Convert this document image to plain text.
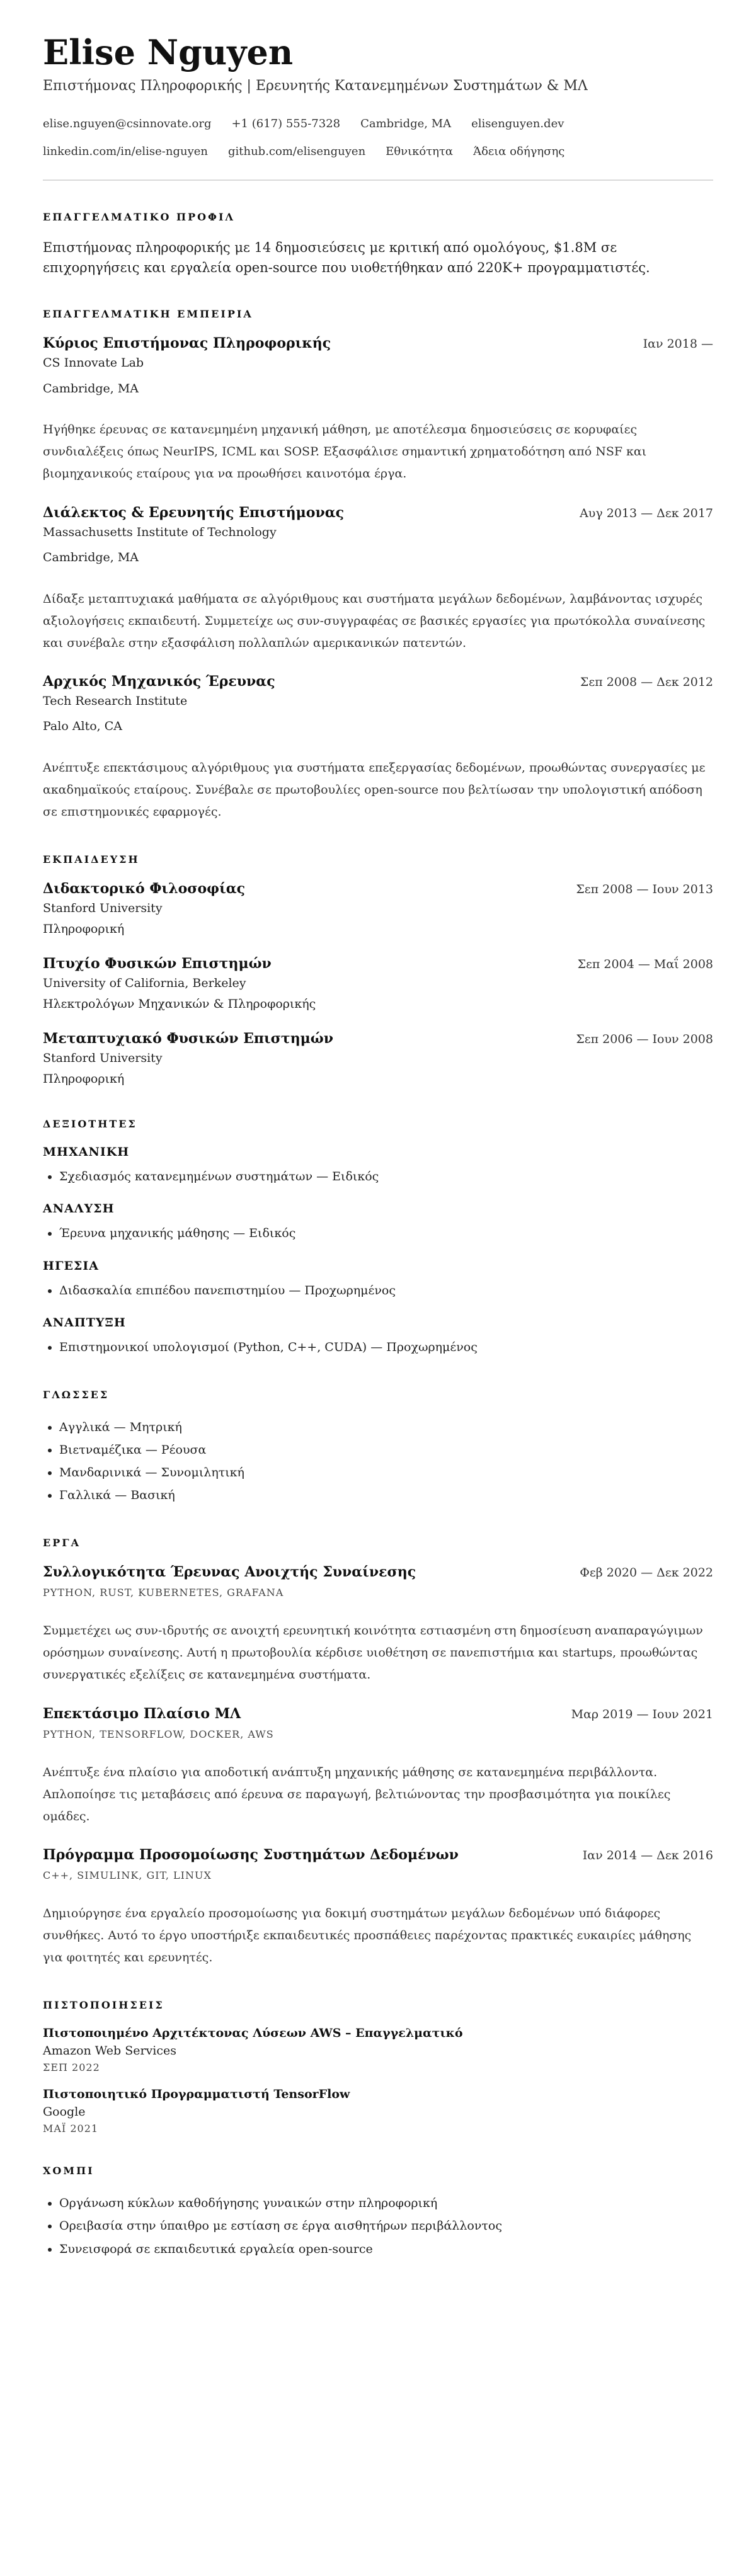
Elise Nguyen
Επιστήμονας Πληροφορικής | Ερευνητής Κατανεμημένων Συστημάτων & ΜΛ
elise.nguyen@csinnovate.org +1 (617) 555-7328 Cambridge, MA elisenguyen.dev
linkedin.com/in/elise-nguyen github.com/elisenguyen Εθνικότητα Άδεια οδήγησης
ΕΠΑΓΓΕΛΜΑΤΙΚΟ ΠΡΟΦΙΛ

Επιστήμονας πληροφορικής με 14 δημοσιεύσεις με κριτική από ομολόγους, $1.8M σε επιχορηγήσεις και εργαλεία open-source που υιοθετήθηκαν από 220K+ προγραμματιστές.

ΕΠΑΓΓΕΛΜΑΤΙΚΗ ΕΜΠΕΙΡΙΑ
Κύριος Επιστήμονας Πληροφορικής	Ιαν 2018 —
CS Innovate Lab
Cambridge, MA
Ηγήθηκε έρευνας σε κατανεμημένη μηχανική μάθηση, με αποτέλεσμα δημοσιεύσεις σε κορυφαίες συνδιαλέξεις όπως NeurIPS, ICML και SOSP. Εξασφάλισε σημαντική χρηματοδότηση από NSF και βιομηχανικούς εταίρους για να προωθήσει καινοτόμα έργα.
Διάλεκτος & Ερευνητής Επιστήμονας	Αυγ 2013 — Δεκ 2017
Massachusetts Institute of Technology
Cambridge, MA
Δίδαξε μεταπτυχιακά μαθήματα σε αλγόριθμους και συστήματα μεγάλων δεδομένων, λαμβάνοντας ισχυρές αξιολογήσεις εκπαιδευτή. Συμμετείχε ως συν-συγγραφέας σε βασικές εργασίες για πρωτόκολλα συναίνεσης και συνέβαλε στην εξασφάλιση πολλαπλών αμερικανικών πατεντών.
Αρχικός Μηχανικός Έρευνας	Σεπ 2008 — Δεκ 2012
Tech Research Institute
Palo Alto, CA
Ανέπτυξε επεκτάσιμους αλγόριθμους για συστήματα επεξεργασίας δεδομένων, προωθώντας συνεργασίες με ακαδημαϊκούς εταίρους. Συνέβαλε σε πρωτοβουλίες open-source που βελτίωσαν την υπολογιστική απόδοση σε επιστημονικές εφαρμογές.
ΕΚΠΑΙΔΕΥΣΗ
Διδακτορικό Φιλοσοφίας	Σεπ 2008 — Ιουν 2013
Stanford University
Πληροφορική
Πτυχίο Φυσικών Επιστημών	Σεπ 2004 — Μαΐ 2008
University of California, Berkeley
Ηλεκτρολόγων Μηχανικών & Πληροφορικής
Μεταπτυχιακό Φυσικών Επιστημών	Σεπ 2006 — Ιουν 2008
Stanford University
Πληροφορική
ΔΕΞΙΟΤΗΤΕΣ
ΜΗΧΑΝΙΚΗ
• Σχεδιασμός κατανεμημένων συστημάτων — Ειδικός
ΑΝΑΛΥΣΗ
• Έρευνα μηχανικής μάθησης — Ειδικός
ΗΓΕΣΙΑ
• Διδασκαλία επιπέδου πανεπιστημίου — Προχωρημένος
ΑΝΑΠΤΥΞΗ
• Επιστημονικοί υπολογισμοί (Python, C++, CUDA) — Προχωρημένος
ΓΛΩΣΣΕΣ
• Αγγλικά — Μητρική
• Βιετναμέζικα — Ρέουσα
• Μανδαρινικά — Συνομιλητική
• Γαλλικά — Βασική
ΕΡΓΑ
Συλλογικότητα Έρευνας Ανοιχτής Συναίνεσης	Φεβ 2020 — Δεκ 2022
PYTHON, RUST, KUBERNETES, GRAFANA
Συμμετέχει ως συν-ιδρυτής σε ανοιχτή ερευνητική κοινότητα εστιασμένη στη δημοσίευση αναπαραγώγιμων ορόσημων συναίνεσης. Αυτή η πρωτοβουλία κέρδισε υιοθέτηση σε πανεπιστήμια και startups, προωθώντας συνεργατικές εξελίξεις σε κατανεμημένα συστήματα.
Επεκτάσιμο Πλαίσιο ΜΛ	Μαρ 2019 — Ιουν 2021
PYTHON, TENSORFLOW, DOCKER, AWS
Ανέπτυξε ένα πλαίσιο για αποδοτική ανάπτυξη μηχανικής μάθησης σε κατανεμημένα περιβάλλοντα. Απλοποίησε τις μεταβάσεις από έρευνα σε παραγωγή, βελτιώνοντας την προσβασιμότητα για ποικίλες ομάδες.
Πρόγραμμα Προσομοίωσης Συστημάτων Δεδομένων	Ιαν 2014 — Δεκ 2016
C++, SIMULINK, GIT, LINUX
Δημιούργησε ένα εργαλείο προσομοίωσης για δοκιμή συστημάτων μεγάλων δεδομένων υπό διάφορες συνθήκες. Αυτό το έργο υποστήριξε εκπαιδευτικές προσπάθειες παρέχοντας πρακτικές ευκαιρίες μάθησης για φοιτητές και ερευνητές.
ΠΙΣΤΟΠΟΙΗΣΕΙΣ
Πιστοποιημένο Αρχιτέκτονας Λύσεων AWS – Επαγγελματικό
Amazon Web Services
ΣΕΠ 2022
Πιστοποιητικό Προγραμματιστή TensorFlow
Google
ΜΑΪ 2021
ΧΟΜΠΙ
• Οργάνωση κύκλων καθοδήγησης γυναικών στην πληροφορική
• Ορειβασία στην ύπαιθρο με εστίαση σε έργα αισθητήρων περιβάλλοντος
• Συνεισφορά σε εκπαιδευτικά εργαλεία open-source
